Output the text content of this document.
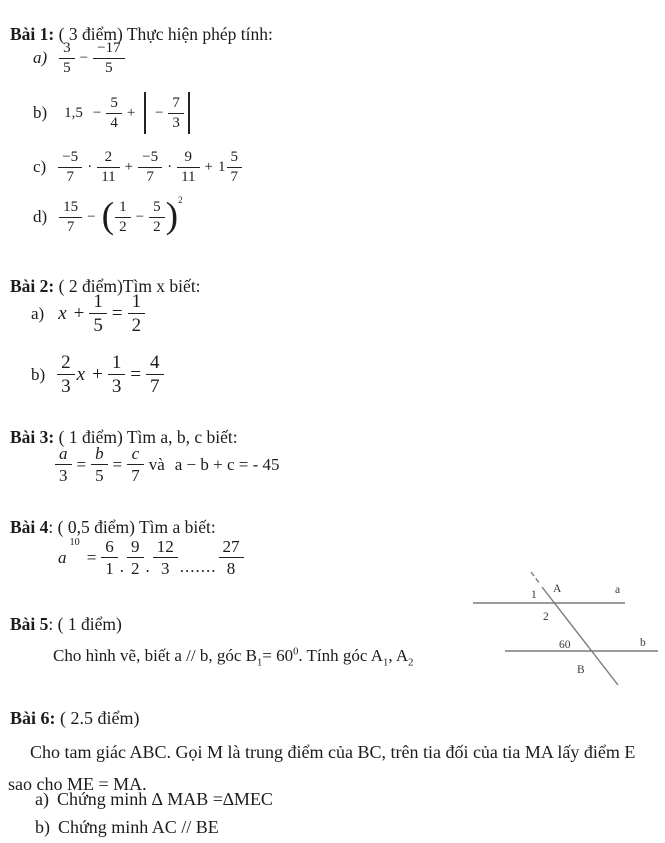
Bài 1: ( 3 điểm) Thực hiện phép tính:

$a) \frac{3}{5} - \frac{-17}{5}$
b) $1,5 - \frac{5}{4}$ + − $\frac{7}{3}$
$c) \frac{-5}{7} \cdot \frac{2}{11} + \frac{-5}{7} \cdot \frac{9}{11} + 1 \frac{5}{7}$
$d) \frac{15}{7}$ − ( $\frac{1}{2} - \frac{5}{2}$ ) 2

Bài 2: ( 2 điểm)Tìm x biết:

a) $x + \frac{1}{5} = \frac{1}{2}$
$b) \frac{2}{3}$ $x + \frac{1}{3} = \frac{4}{7}$

Bài 3: ( 1 điểm) Tìm a, b, c biết:

$\frac{a}{3} = \frac{b}{5} = \frac{c}{7}$ và a − b + c = - 45

Bài 4: ( 0,5 điểm) Tìm a biết:

a
$^{10}$
= $\frac{6}{1}$ . $\frac{9}{2}$ . $\frac{12}{3}$ ....... $\frac{27}{8}$

Bài 5: ( 1 điểm)

Cho hình vẽ, biết a // b, góc $B_1= 60^0$. Tính góc $A_1$, $A_2$

1 A	a
2
60	b
B

Bài 6: ( 2.5 điểm)

Cho tam giác ABC. Gọi M là trung điểm của BC, trên tia đối của tia MA lấy điểm E

sao cho ME = MA.

a) Chứng minh ∆ MAB =∆MEC
b) Chứng minh AC // BE
